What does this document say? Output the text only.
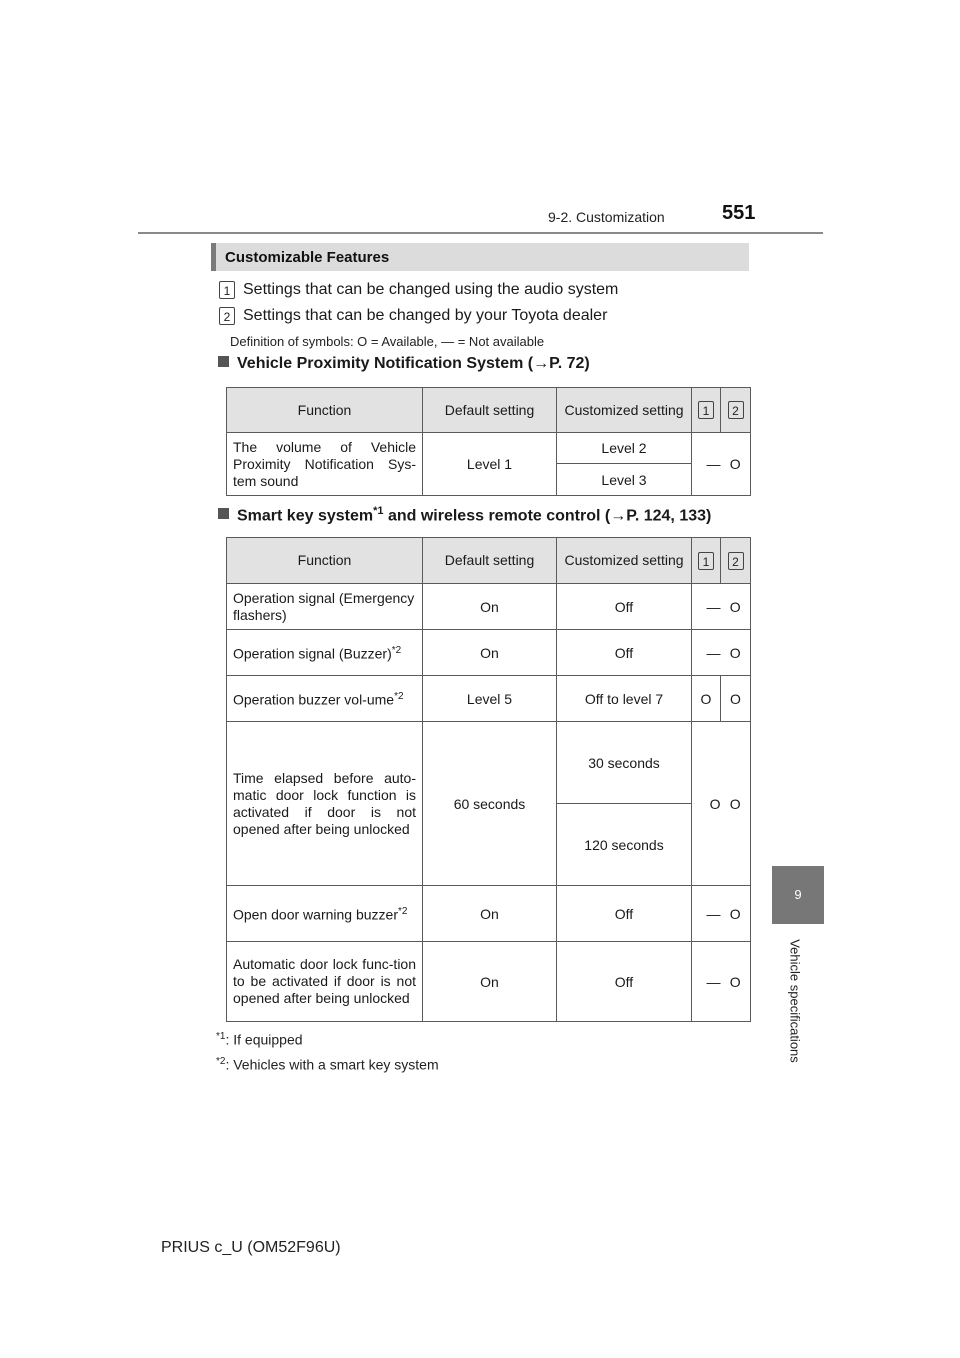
9-2. Customization	551
9
Vehicle specifications
Customizable Features
1 Settings that can be changed using the audio system
2 Settings that can be changed by your Toyota dealer
Definition of symbols: O = Available, — = Not available
Vehicle Proximity Notification System (→P. 72)
Function	Default setting	Customized setting	1	2
The volume of Vehicle Proximity Notification Sys-tem sound	Level 1	Level 2	—	O
		Level 3		
Smart key system$^{*1}$ and wireless remote control (→P. 124, 133)
Function	Default setting	Customized setting	1	2
Operation signal (Emergency flashers)	On	Off	—	O
Operation signal (Buzzer)$^{*2}$	On	Off	—	O
Operation buzzer vol-ume$^{*2}$	Level 5	Off to level 7	O	O
Time elapsed before auto-matic door lock function is activated if door is not opened after being unlocked	60 seconds	30 seconds	O	O
		120 seconds		
Open door warning buzzer$^{*2}$	On	Off	—	O
Automatic door lock func-tion to be activated if door is not opened after being unlocked	On	Off	—	O
$^{*1}$: If equipped
$^{*2}$: Vehicles with a smart key system
PRIUS c_U (OM52F96U)
